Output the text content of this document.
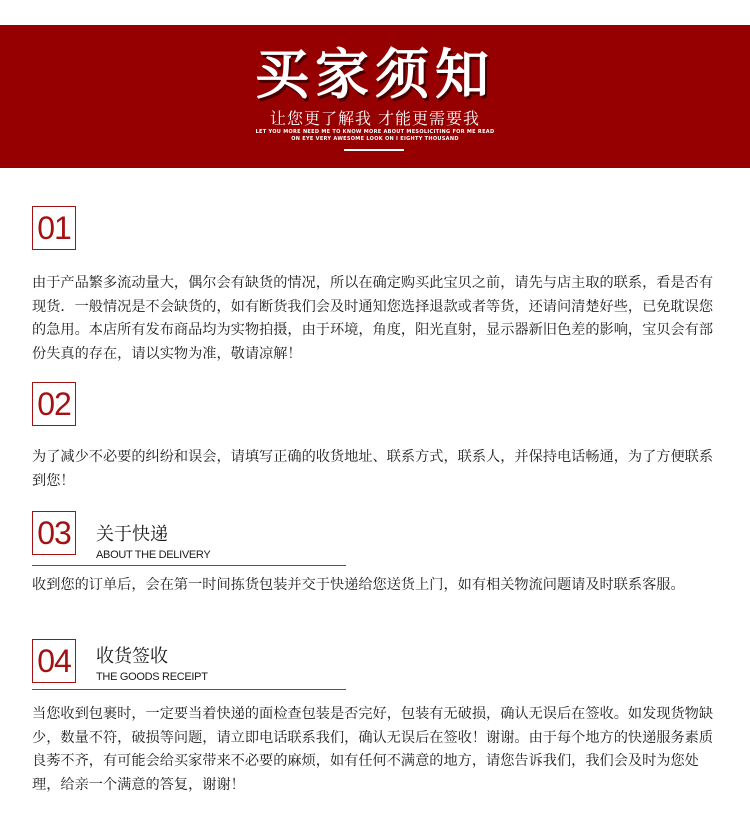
买家须知
让您更了解我 才能更需要我
LET YOU MORE NEED ME TO KNOW MORE ABOUT MESOLICITING FOR ME READ
ON EYE VERY AWESOME LOOK ON I EIGHTY THOUSAND
01
由于产品繁多流动量大，偶尔会有缺货的情况，所以在确定购买此宝贝之前，请先与店主取的联系，看是否有现货．一般情况是不会缺货的，如有断货我们会及时通知您选择退款或者等货，还请问清楚好些，已免耽误您的急用。本店所有发布商品均为实物拍摄，由于环境，角度，阳光直射，显示器新旧色差的影响，宝贝会有部份失真的存在，请以实物为准，敬请凉解！
02
为了减少不必要的纠纷和误会，请填写正确的收货地址、联系方式，联系人，并保持电话畅通，为了方便联系到您！
03 关于快递
ABOUT THE DELIVERY
收到您的订单后，会在第一时间拣货包装并交于快递给您送货上门，如有相关物流问题请及时联系客服。
04 收货签收
THE GOODS RECEIPT
当您收到包裹时，一定要当着快递的面检查包装是否完好，包装有无破损，确认无误后在签收。如发现货物缺少，数量不符，破损等问题，请立即电话联系我们，确认无误后在签收！谢谢。由于每个地方的快递服务素质良莠不齐，有可能会给买家带来不必要的麻烦，如有任何不满意的地方，请您告诉我们，我们会及时为您处理，给亲一个满意的答复，谢谢！
